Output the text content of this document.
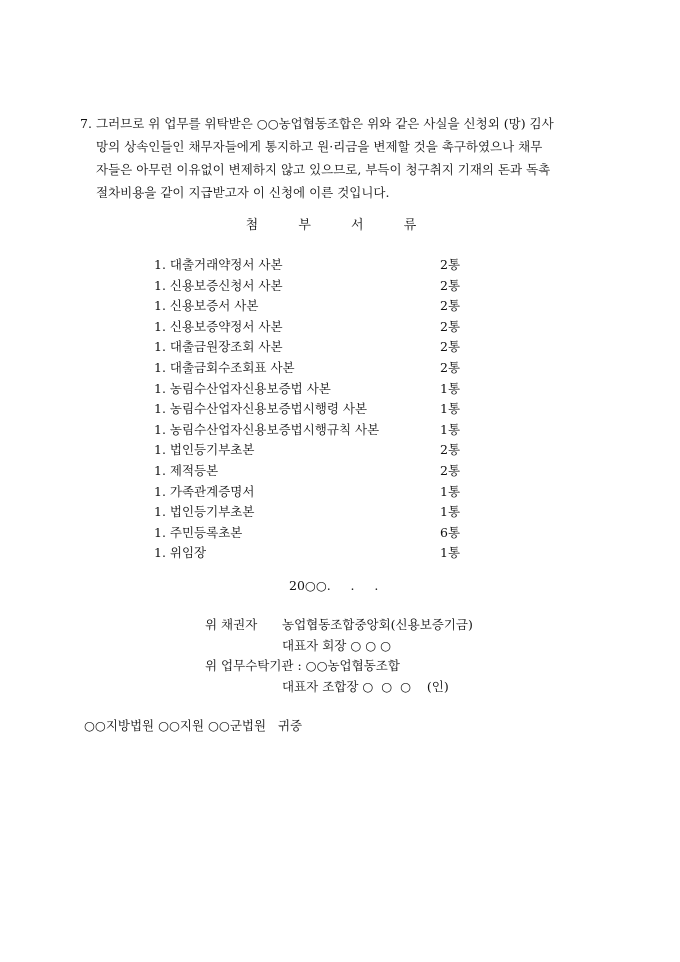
7. 그러므로 위 업무를 위탁받은 ○○농업협동조합은 위와 같은 사실을 신청외 (망) 김사
망의 상속인들인 채무자들에게 통지하고 원·리금을 변제할 것을 촉구하였으나 채무
자들은 아무런 이유없이 변제하지 않고 있으므로, 부득이 청구취지 기재의 돈과 독촉
절차비용을 같이 지급받고자 이 신청에 이른 것입니다.
첨 부 서 류
1. 대출거래약정서 사본	2통
1. 신용보증신청서 사본	2통
1. 신용보증서 사본	2통
1. 신용보증약정서 사본	2통
1. 대출금원장조회 사본	2통
1. 대출금회수조회표 사본	2통
1. 농림수산업자신용보증법 사본	1통
1. 농림수산업자신용보증법시행령 사본	1통
1. 농림수산업자신용보증법시행규칙 사본	1통
1. 법인등기부초본	2통
1. 제적등본	2통
1. 가족관계증명서	1통
1. 법인등기부초본	1통
1. 주민등록초본	6통
1. 위임장	1통
20○○.     .     .
위 채권자 농업협동조합중앙회(신용보증기금)
대표자 회장 ○ ○ ○
위 업무수탁기관 : ○○농업협동조합
대표자 조합장 ○  ○  ○    (인)
○○지방법원 ○○지원 ○○군법원   귀중
